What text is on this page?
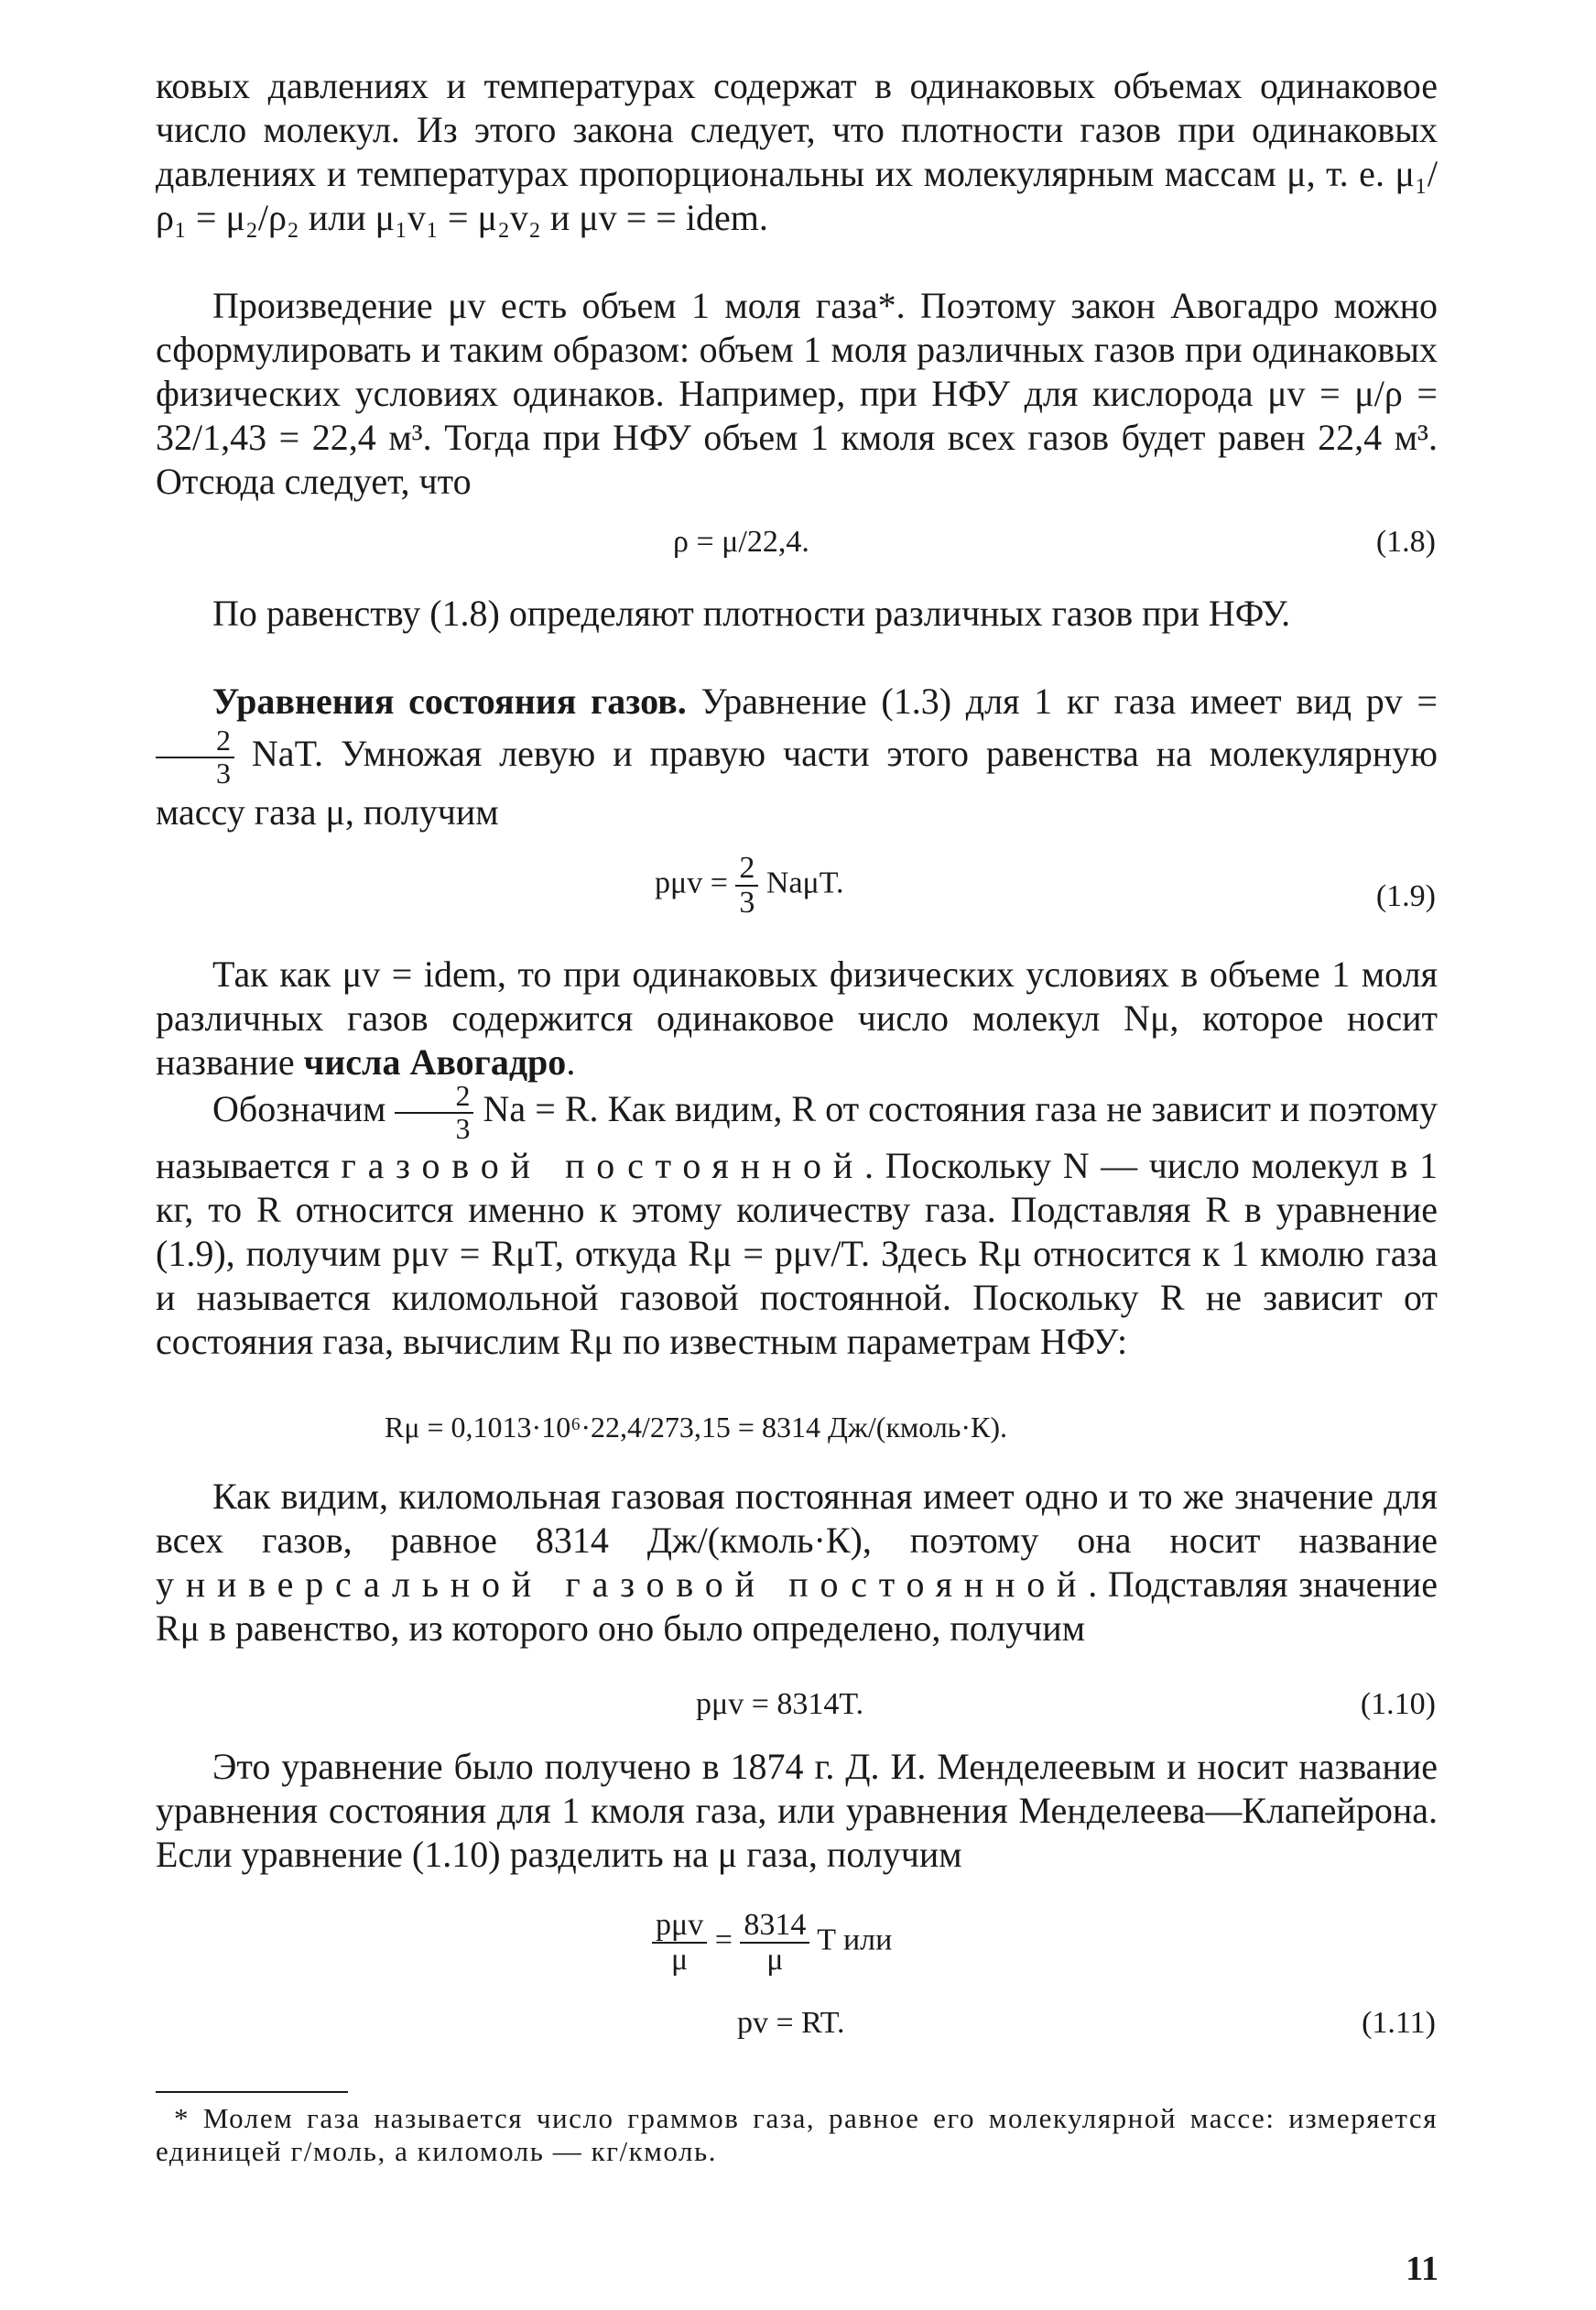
ковых давлениях и температурах содержат в одинаковых объемах одинаковое число молекул. Из этого закона следует, что плотности газов при одинаковых давлениях и температурах пропорциональны их молекулярным массам μ, т. е. μ₁/ρ₁ = μ₂/ρ₂ или μ₁v₁ = μ₂v₂ и μv = = idem.

Произведение μv есть объем 1 моля газа*. Поэтому закон Авогадро можно сформулировать и таким образом: объем 1 моля различных газов при одинаковых физических условиях одинаков. Например, при НФУ для кислорода μv = μ/ρ = 32/1,43 = 22,4 м³. Тогда при НФУ объем 1 кмоля всех газов будет равен 22,4 м³. Отсюда следует, что

ρ = μ/22,4.	(1.8)

По равенству (1.8) определяют плотности различных газов при НФУ.

Уравнения состояния газов. Уравнение (1.3) для 1 кг газа имеет вид pv =
$\frac{2}{3}$ NaT. Умножая левую и правую части этого равенства на молекулярную массу газа μ, получим

$p\mu v = \frac{2}{3} Na\mu T$.	(1.9)

Так как μv = idem, то при одинаковых физических условиях в объеме 1 моля различных газов содержится одинаковое число молекул Nμ, которое носит название числа Авогадро.

Обозначим $\frac{2}{3}$ Na = R. Как видим, R от состояния газа не зависит и поэтому называется газовой постоянной. Поскольку N — число молекул в 1 кг, то R относится именно к этому количеству газа. Подставляя R в уравнение (1.9), получим pμv = RμT, откуда Rμ = pμv/T. Здесь Rμ относится к 1 кмолю газа и называется киломольной газовой постоянной. Поскольку R не зависит от состояния газа, вычислим Rμ по известным параметрам НФУ:

Rμ = 0,1013·10⁶·22,4/273,15 = 8314 Дж/(кмоль·К).

Как видим, киломольная газовая постоянная имеет одно и то же значение для всех газов, равное 8314 Дж/(кмоль·К), поэтому она носит название универсальной газовой постоянной. Подставляя значение Rμ в равенство, из которого оно было определено, получим

pμv = 8314T.	(1.10)

Это уравнение было получено в 1874 г. Д. И. Менделеевым и носит название уравнения состояния для 1 кмоля газа, или уравнения Менделеева—Клапейрона. Если уравнение (1.10) разделить на μ газа, получим

$\frac{\text{pμv}}{\mu} = \frac{8314}{\mu}$ T или
pv = RT.	(1.11)

* Молем газа называется число граммов газа, равное его молекулярной массе: измеряется единицей г/моль, а киломоль — кг/кмоль.

11
